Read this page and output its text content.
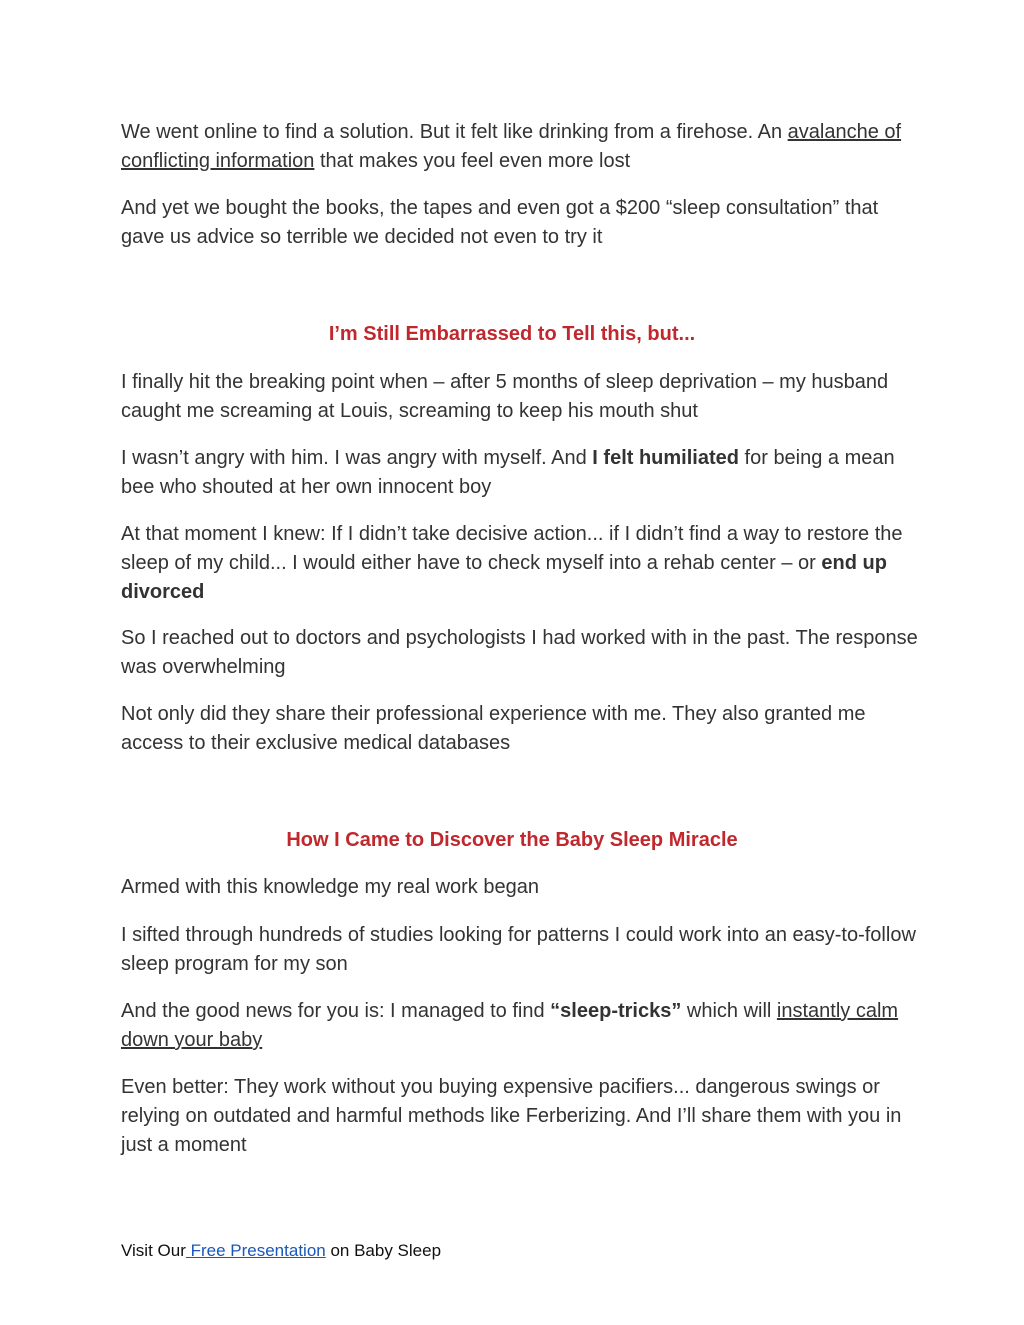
We went online to find a solution. But it felt like drinking from a firehose. An avalanche of conflicting information that makes you feel even more lost

And yet we bought the books, the tapes and even got a $200 “sleep consultation” that gave us advice so terrible we decided not even to try it

I’m Still Embarrassed to Tell this, but...

I finally hit the breaking point when – after 5 months of sleep deprivation – my husband caught me screaming at Louis, screaming to keep his mouth shut

I wasn’t angry with him. I was angry with myself. And I felt humiliated for being a mean bee who shouted at her own innocent boy

At that moment I knew: If I didn’t take decisive action... if I didn’t find a way to restore the sleep of my child... I would either have to check myself into a rehab center – or end up divorced

So I reached out to doctors and psychologists I had worked with in the past. The response was overwhelming

Not only did they share their professional experience with me. They also granted me access to their exclusive medical databases

How I Came to Discover the Baby Sleep Miracle

Armed with this knowledge my real work began

I sifted through hundreds of studies looking for patterns I could work into an easy-to-follow sleep program for my son

And the good news for you is: I managed to find “sleep-tricks” which will instantly calm down your baby

Even better: They work without you buying expensive pacifiers... dangerous swings or relying on outdated and harmful methods like Ferberizing. And I’ll share them with you in just a moment

Visit Our Free Presentation on Baby Sleep
